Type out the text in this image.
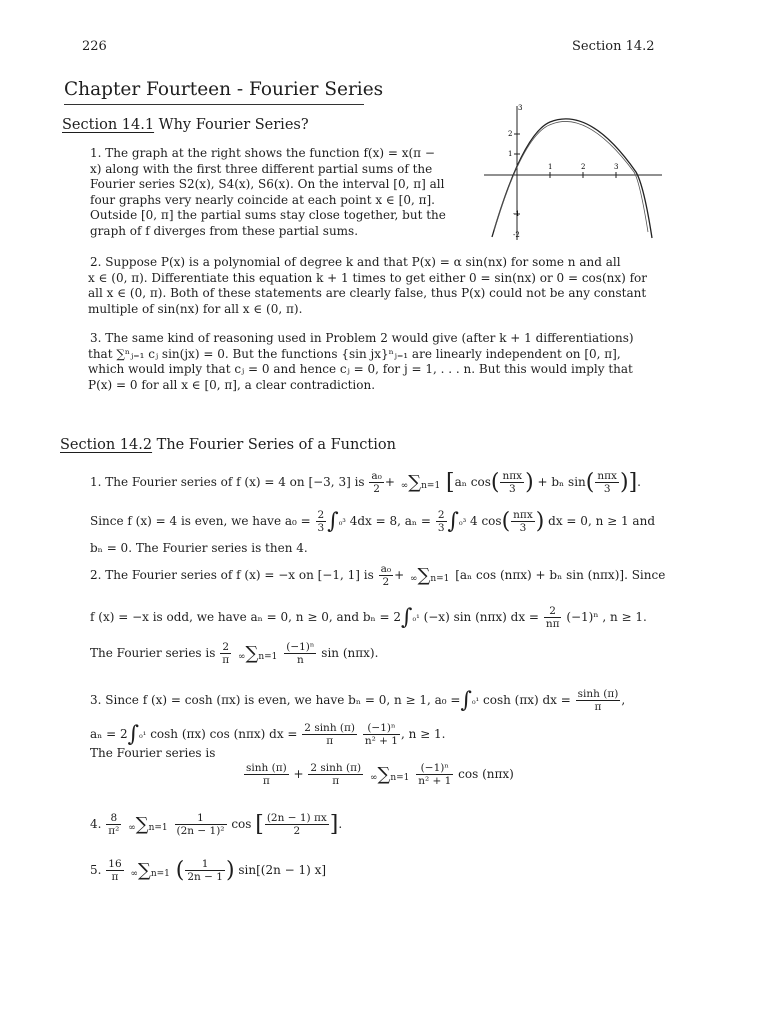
226	Section 14.2
Chapter Fourteen - Fourier Series
Section 14.1 Why Fourier Series?

1. The graph at the right shows the function f(x) = x(π −

x) along with the first three different partial sums of the

Fourier series S2(x), S4(x), S6(x). On the interval [0, π] all

four graphs very nearly coincide at each point x ∈ [0, π].

Outside [0, π] the partial sums stay close together, but the

graph of f diverges from these partial sums.

3
2
1
-1
-2
1	2	3

2. Suppose P(x) is a polynomial of degree k and that P(x) = α sin(nx) for some n and all

x ∈ (0, π). Differentiate this equation k + 1 times to get either 0 = sin(nx) or 0 = cos(nx) for

all x ∈ (0, π). Both of these statements are clearly false, thus P(x) could not be any constant

multiple of sin(nx) for all x ∈ (0, π).

3. The same kind of reasoning used in Problem 2 would give (after k + 1 differentiations)

that ∑ⁿⱼ₌₁ cⱼ sin(jx) = 0. But the functions {sin jx}ⁿⱼ₌₁ are linearly independent on [0, π],

which would imply that cⱼ = 0 and hence cⱼ = 0, for j = 1, . . . n. But this would imply that

P(x) = 0 for all x ∈ [0, π], a clear contradiction.

Section 14.2 The Fourier Series of a Function
1. The Fourier series of f (x) = 4 on [−3, 3] is $\frac{\text{a₀}}{2} + \infty\sum n=1$ [aₙ $\cos( \frac{\text{nπx}}{3}$ ) + bₙ $\sin( \frac{\text{nπx}}{3}$ )].
Since f (x) = 4 is even, we have $a_0 = \frac{2}{3} \int_0^3$ 4dx = 8, $a_n = \frac{2}{3} \int_0^3$ 4 $\cos( \frac{\text{nπx}}{3}$ ) dx = 0, n ≥ 1 and
bₙ = 0. The Fourier series is then 4.
2. The Fourier series of f (x) = −x on [−1, 1] is $\frac{\text{a₀}}{2} + \infty\sum n=1$ [aₙ cos (nπx) + bₙ sin (nπx)]. Since
f (x) = −x is odd, we have aₙ = 0, n ≥ 0, and bₙ = 2∫₀¹ (−x) sin (nπx) dx = $\frac{2}{n\pi} (-1)^n$ , n ≥ 1.
The Fourier series is $\frac{2}{\pi} \infty\sum n=1 \frac{\text{(−1)ⁿ}}{n}$ sin (nπx).
3. Since f (x) = cosh (πx) is even, we have bₙ = 0, n ≥ 1, a₀ =∫₀¹ cosh (πx) dx = $\frac{\sinh (\pi)}{\pi}$ ,
aₙ = 2∫₀¹ cosh (πx) cos (nπx) dx = $\frac{2 \sinh (\pi)}{\pi}$
$\frac{\text{(−1)ⁿ}}{\text{n² + 1}}$ , n ≥ 1.
The Fourier series is
$\frac{\sinh (\pi)}{\pi} + \frac{2 \sinh (\pi)}{\pi} \infty\sum n=1 \frac{\text{(−1)ⁿ}}{\text{n² + 1}}$ cos (nπx)
4. $\frac{8}{\text{π²}} \infty\sum n=1 \frac{1}{\text{(2n − 1)²}}$ cos [ $\frac{(2n - 1) \pi x}{2}$ ].
5. $\frac{16}{\pi} \infty\sum n=1$ ( $\frac{1}{2n - 1}$ ) sin[(2n − 1) x]
